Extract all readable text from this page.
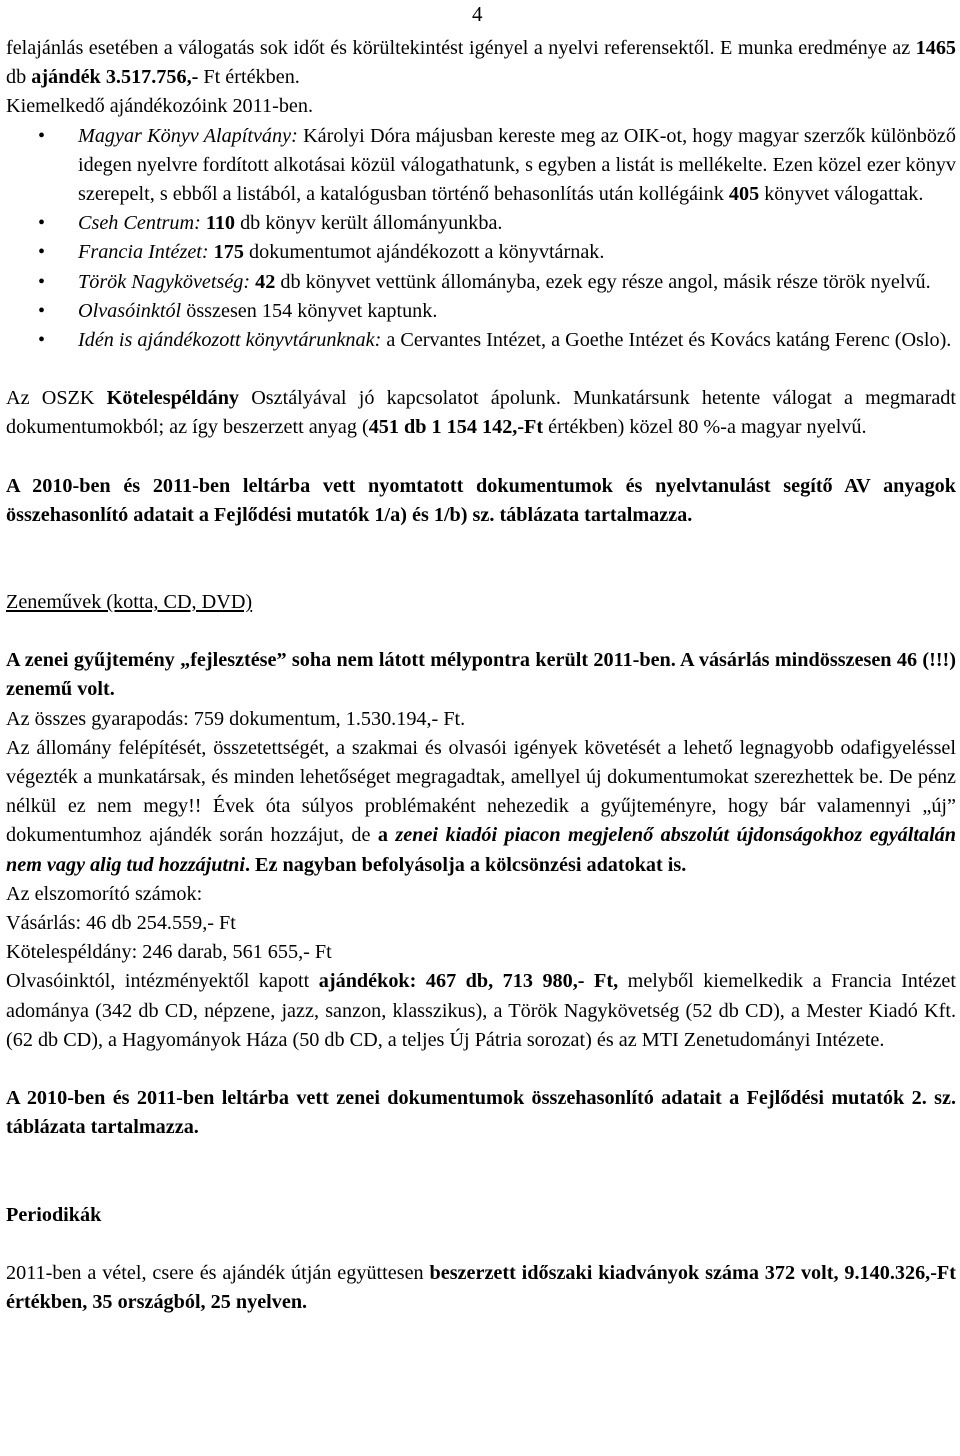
4

felajánlás esetében a válogatás sok időt és körültekintést igényel a nyelvi referensektől. E munka eredménye az 1465 db ajándék 3.517.756,- Ft értékben.

Kiemelkedő ajándékozóink 2011-ben.

• Magyar Könyv Alapítvány: Károlyi Dóra májusban kereste meg az OIK-ot, hogy magyar szerzők különböző idegen nyelvre fordított alkotásai közül válogathatunk, s egyben a listát is mellékelte. Ezen közel ezer könyv szerepelt, s ebből a listából, a katalógusban történő behasonlítás után kollégáink 405 könyvet válogattak.
• Cseh Centrum: 110 db könyv került állományunkba.
• Francia Intézet: 175 dokumentumot ajándékozott a könyvtárnak.
• Török Nagykövetség: 42 db könyvet vettünk állományba, ezek egy része angol, másik része török nyelvű.
• Olvasóinktól összesen 154 könyvet kaptunk.
• Idén is ajándékozott könyvtárunknak: a Cervantes Intézet, a Goethe Intézet és Kovács katáng Ferenc (Oslo).

Az OSZK Kötelespéldány Osztályával jó kapcsolatot ápolunk. Munkatársunk hetente válogat a megmaradt dokumentumokból; az így beszerzett anyag (451 db 1 154 142,-Ft értékben) közel 80 %-a magyar nyelvű.

A 2010-ben és 2011-ben leltárba vett nyomtatott dokumentumok és nyelvtanulást segítő AV anyagok összehasonlító adatait a Fejlődési mutatók 1/a) és 1/b) sz. táblázata tartalmazza.

Zeneművek (kotta, CD, DVD)

A zenei gyűjtemény „fejlesztése” soha nem látott mélypontra került 2011-ben. A vásárlás mindösszesen 46 (!!!) zenemű volt.

Az összes gyarapodás: 759 dokumentum, 1.530.194,- Ft.

Az állomány felépítését, összetettségét, a szakmai és olvasói igények követését a lehető legnagyobb odafigyeléssel végezték a munkatársak, és minden lehetőséget megragadtak, amellyel új dokumentumokat szerezhettek be. De pénz nélkül ez nem megy!! Évek óta súlyos problémaként nehezedik a gyűjteményre, hogy bár valamennyi „új” dokumentumhoz ajándék során hozzájut, de a zenei kiadói piacon megjelenő abszolút újdonságokhoz egyáltalán nem vagy alig tud hozzájutni. Ez nagyban befolyásolja a kölcsönzési adatokat is.

Az elszomorító számok:

Vásárlás: 46 db 254.559,- Ft

Kötelespéldány: 246 darab, 561 655,- Ft

Olvasóinktól, intézményektől kapott ajándékok: 467 db, 713 980,- Ft, melyből kiemelkedik a Francia Intézet adománya (342 db CD, népzene, jazz, sanzon, klasszikus), a Török Nagykövetség (52 db CD), a Mester Kiadó Kft. (62 db CD), a Hagyományok Háza (50 db CD, a teljes Új Pátria sorozat) és az MTI Zenetudományi Intézete.

A 2010-ben és 2011-ben leltárba vett zenei dokumentumok összehasonlító adatait a Fejlődési mutatók 2. sz. táblázata tartalmazza.

Periodikák

2011-ben a vétel, csere és ajándék útján együttesen beszerzett időszaki kiadványok száma 372 volt, 9.140.326,-Ft értékben, 35 országból, 25 nyelven.
